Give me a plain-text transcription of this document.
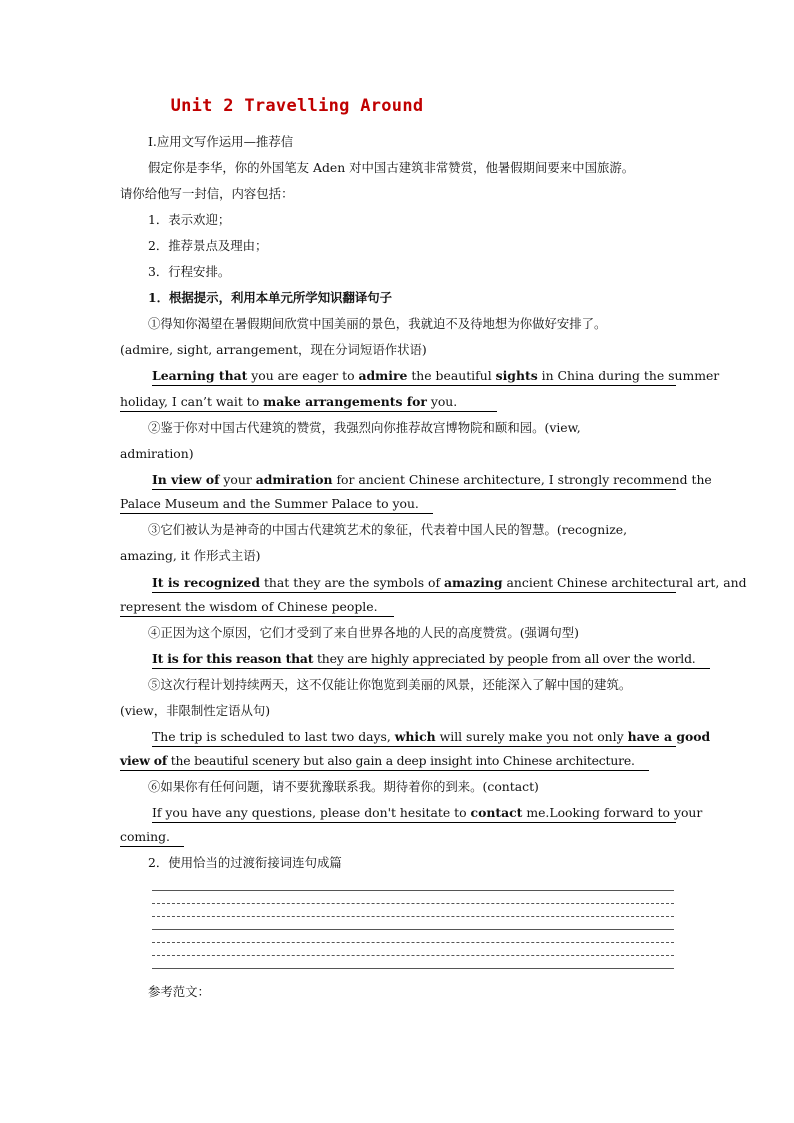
Unit 2 Travelling Around
Ⅰ.应用文写作运用—推荐信
假定你是李华，你的外国笔友 Aden 对中国古建筑非常赞赏，他暑假期间要来中国旅游。
请你给他写一封信，内容包括：
1．表示欢迎；
2．推荐景点及理由；
3．行程安排。
1．根据提示，利用本单元所学知识翻译句子
①得知你渴望在暑假期间欣赏中国美丽的景色，我就迫不及待地想为你做好安排了。
(admire, sight, arrangement，现在分词短语作状语)
Learning that you are eager to admire the beautiful sights in China during the summer
holiday, I can’t wait to make arrangements for you.
②鉴于你对中国古代建筑的赞赏，我强烈向你推荐故宫博物院和颐和园。(view,
admiration)
In view of your admiration for ancient Chinese architecture, I strongly recommend the
Palace Museum and the Summer Palace to you.
③它们被认为是神奇的中国古代建筑艺术的象征，代表着中国人民的智慧。(recognize,
amazing, it 作形式主语)
It is recognized that they are the symbols of amazing ancient Chinese architectural art, and
represent the wisdom of Chinese people.
④正因为这个原因，它们才受到了来自世界各地的人民的高度赞赏。(强调句型)
It is for this reason that they are highly appreciated by people from all over the world.
⑤这次行程计划持续两天，这不仅能让你饱览到美丽的风景，还能深入了解中国的建筑。
(view，非限制性定语从句)
The trip is scheduled to last two days, which will surely make you not only have a good
view of the beautiful scenery but also gain a deep insight into Chinese architecture.
⑥如果你有任何问题，请不要犹豫联系我。期待着你的到来。(contact)
If you have any questions, please don't hesitate to contact me.Looking forward to your
coming.
2．使用恰当的过渡衔接词连句成篇
参考范文：
